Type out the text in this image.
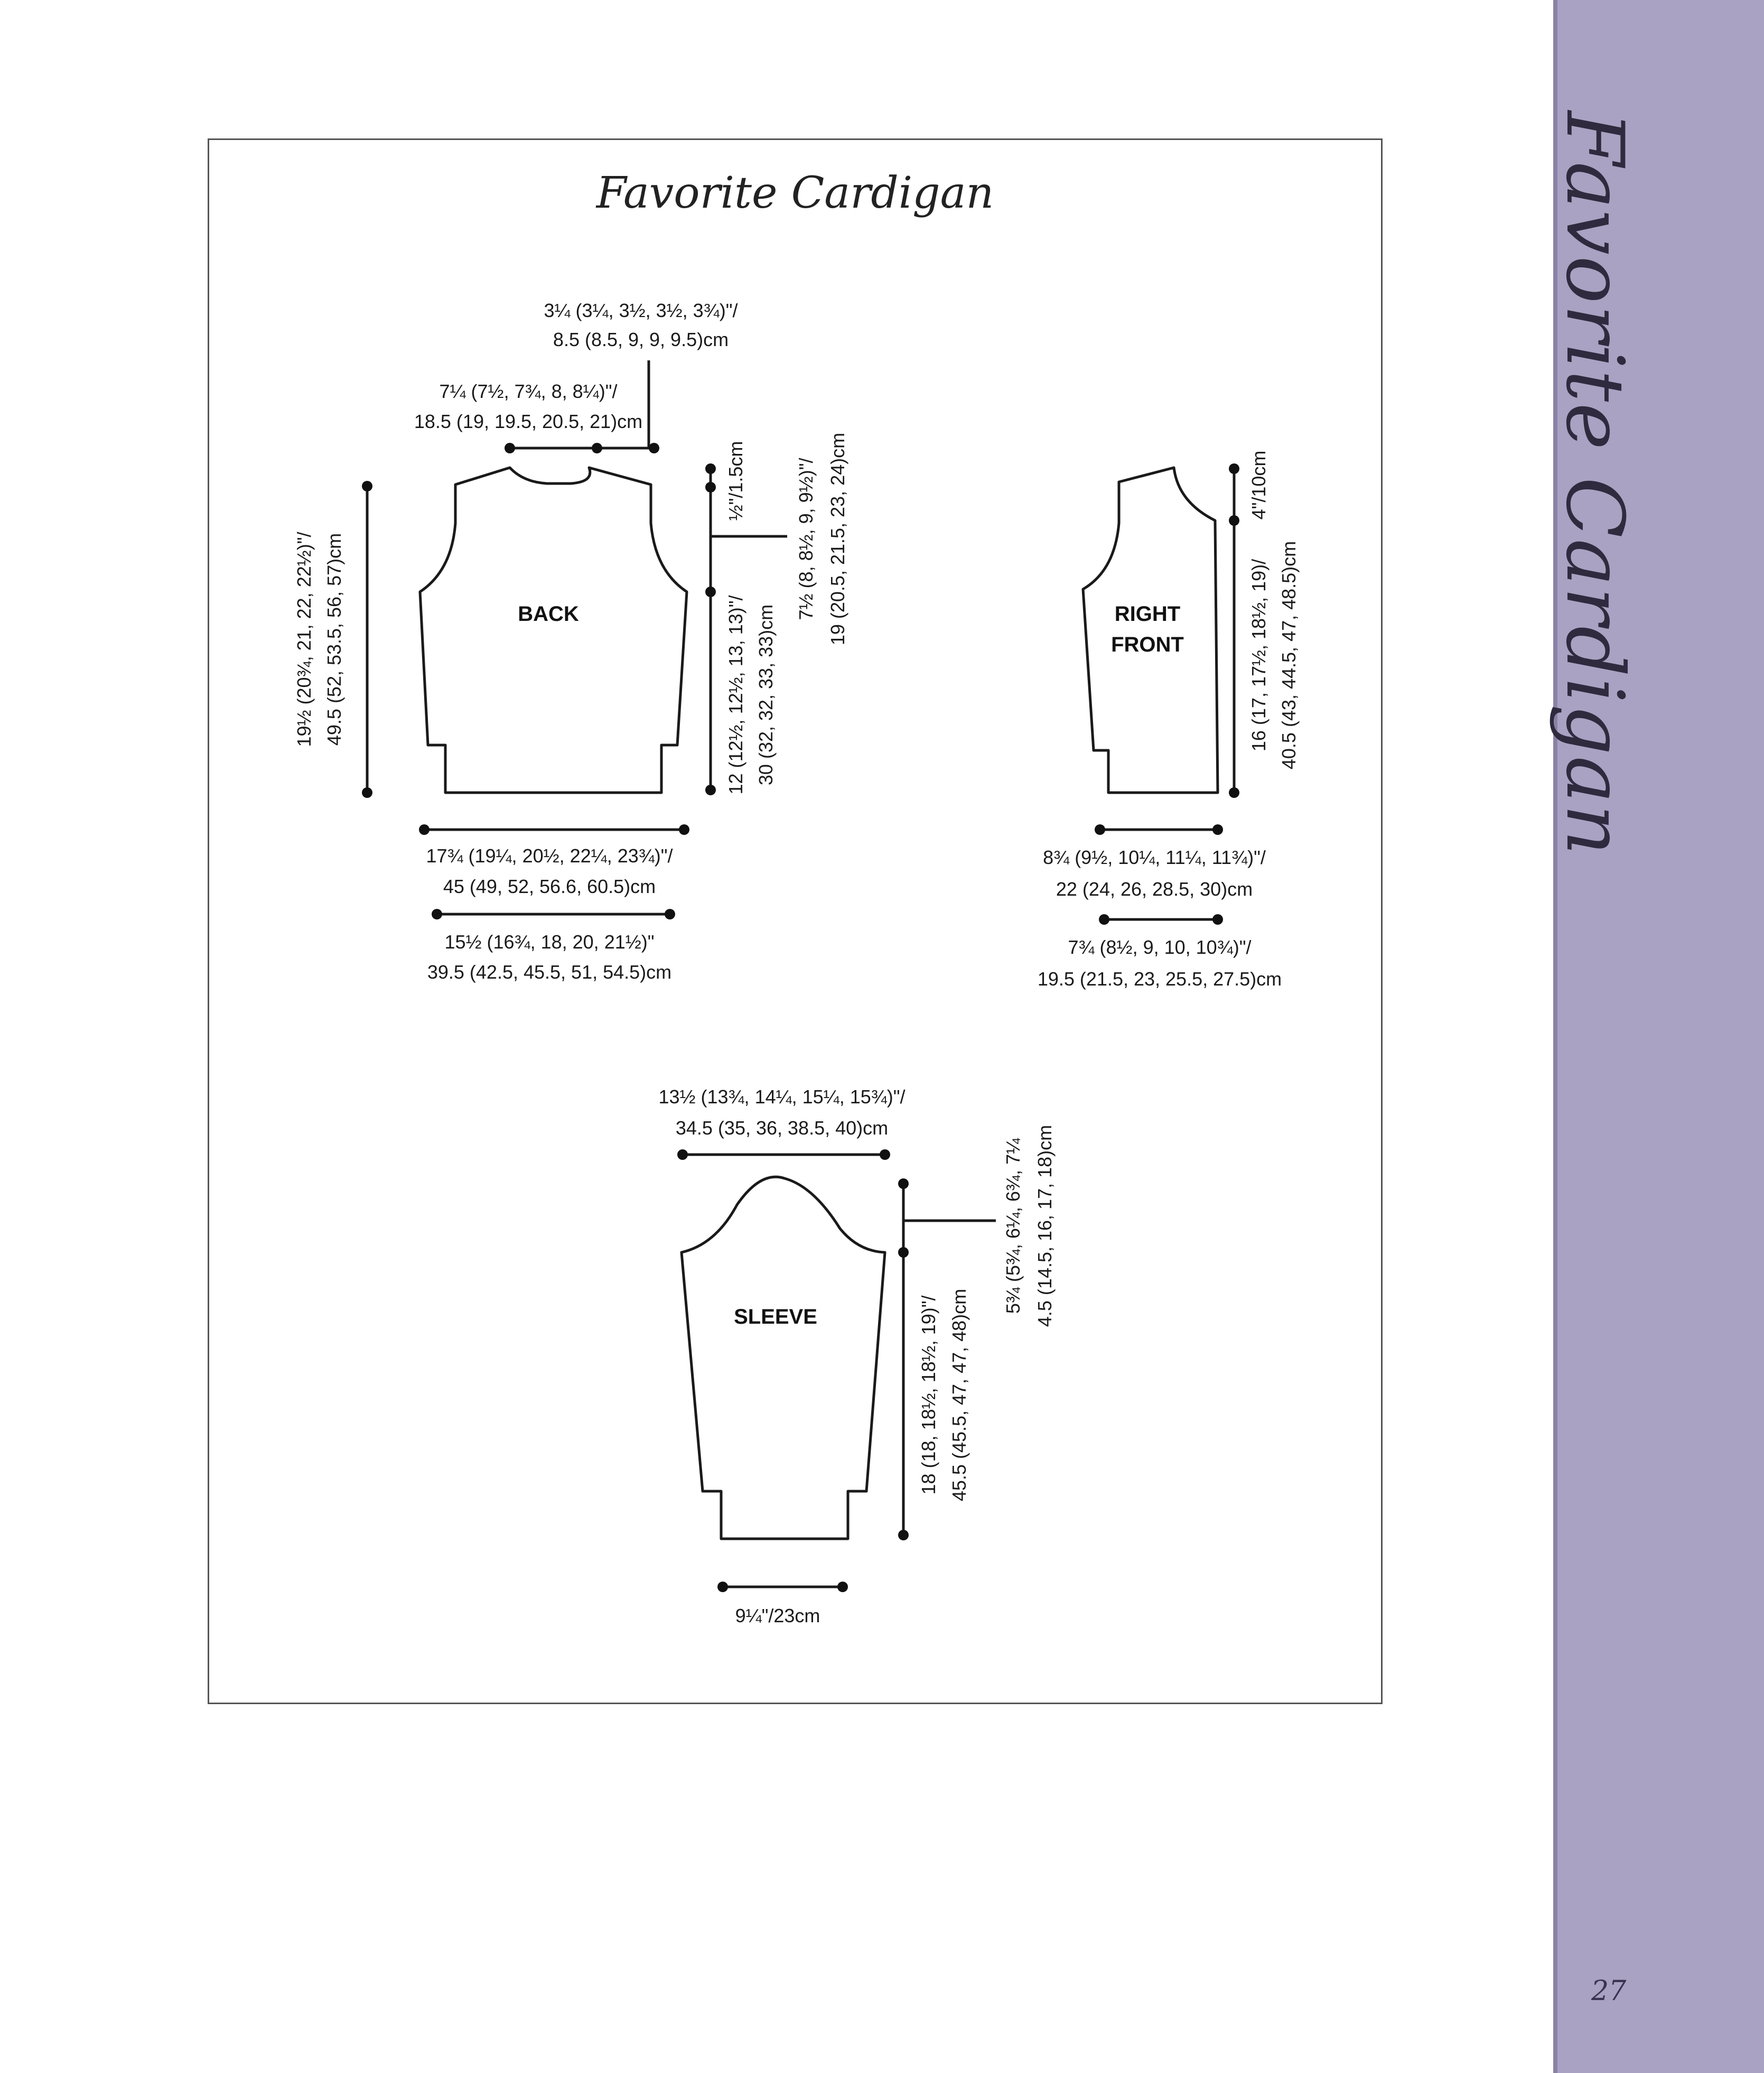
Favorite Cardigan
27
Favorite Cardigan
BACK
3¼ (3¼, 3½, 3½, 3¾)"/
8.5 (8.5, 9, 9, 9.5)cm
7¼ (7½, 7¾, 8, 8¼)"/
18.5 (19, 19.5, 20.5, 21)cm
19½ (20¾, 21, 22, 22½)"/ 49.5 (52, 53.5, 56, 57)cm
½"/1.5cm	7½ (8, 8½, 9, 9½)"/ 19 (20.5, 21.5, 23, 24)cm
12 (12½, 12½, 13, 13)"/ 30 (32, 32, 33, 33)cm
17¾ (19¼, 20½, 22¼, 23¾)"/
45 (49, 52, 56.6, 60.5)cm
15½ (16¾, 18, 20, 21½)"
39.5 (42.5, 45.5, 51, 54.5)cm
RIGHT
FRONT
4"/10cm
16 (17, 17½, 18½, 19)/ 40.5 (43, 44.5, 47, 48.5)cm
8¾ (9½, 10¼, 11¼, 11¾)"/
22 (24, 26, 28.5, 30)cm
7¾ (8½, 9, 10, 10¾)"/
19.5 (21.5, 23, 25.5, 27.5)cm
SLEEVE
13½ (13¾, 14¼, 15¼, 15¾)"/
34.5 (35, 36, 38.5, 40)cm
5¾ (5¾, 6¼, 6¾, 7¼ 4.5 (14.5, 16, 17, 18)cm
18 (18, 18½, 18½, 19)"/ 45.5 (45.5, 47, 47, 48)cm
9¼"/23cm
